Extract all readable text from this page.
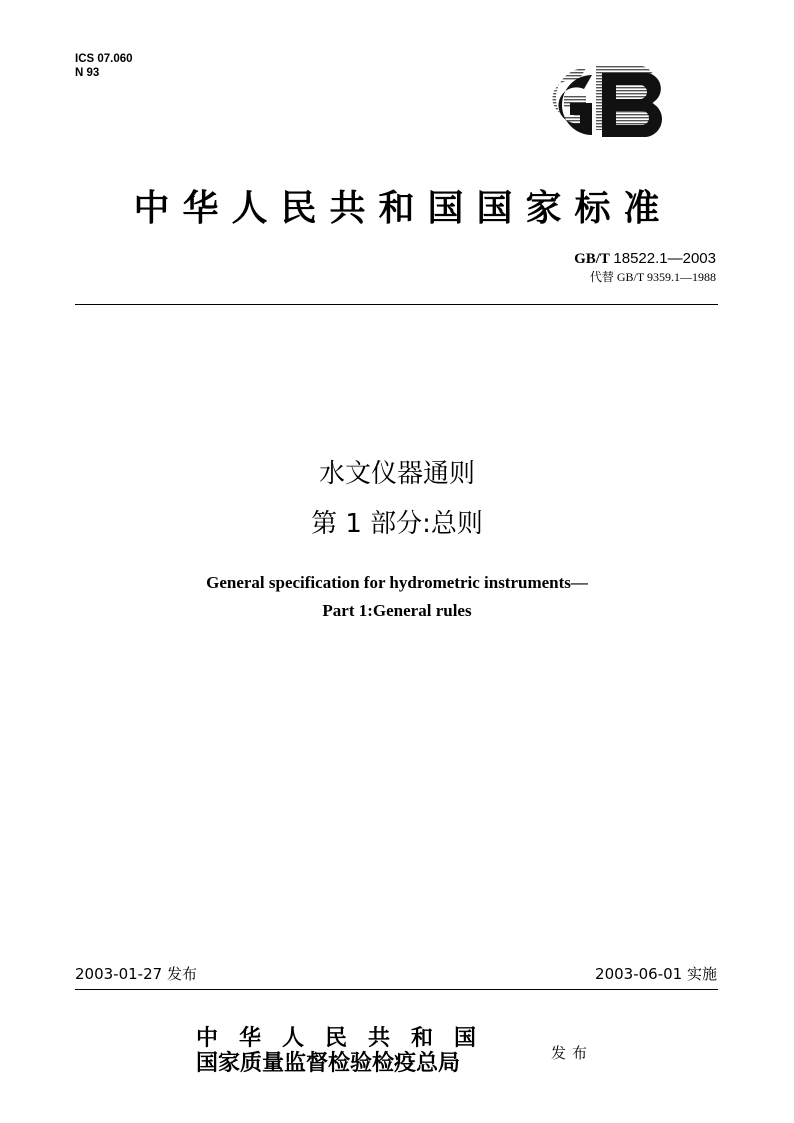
ICS 07.060
N 93
GB
中华人民共和国国家标准
GB/T 18522.1—2003
代替 GB/T 9359.1—1988
水文仪器通则
第 1 部分:总则
General specification for hydrometric instruments—
Part 1:General rules
2003-01-27 发布	2003-06-01 实施
中华人民共和国
国家质量监督检验检疫总局	发布
